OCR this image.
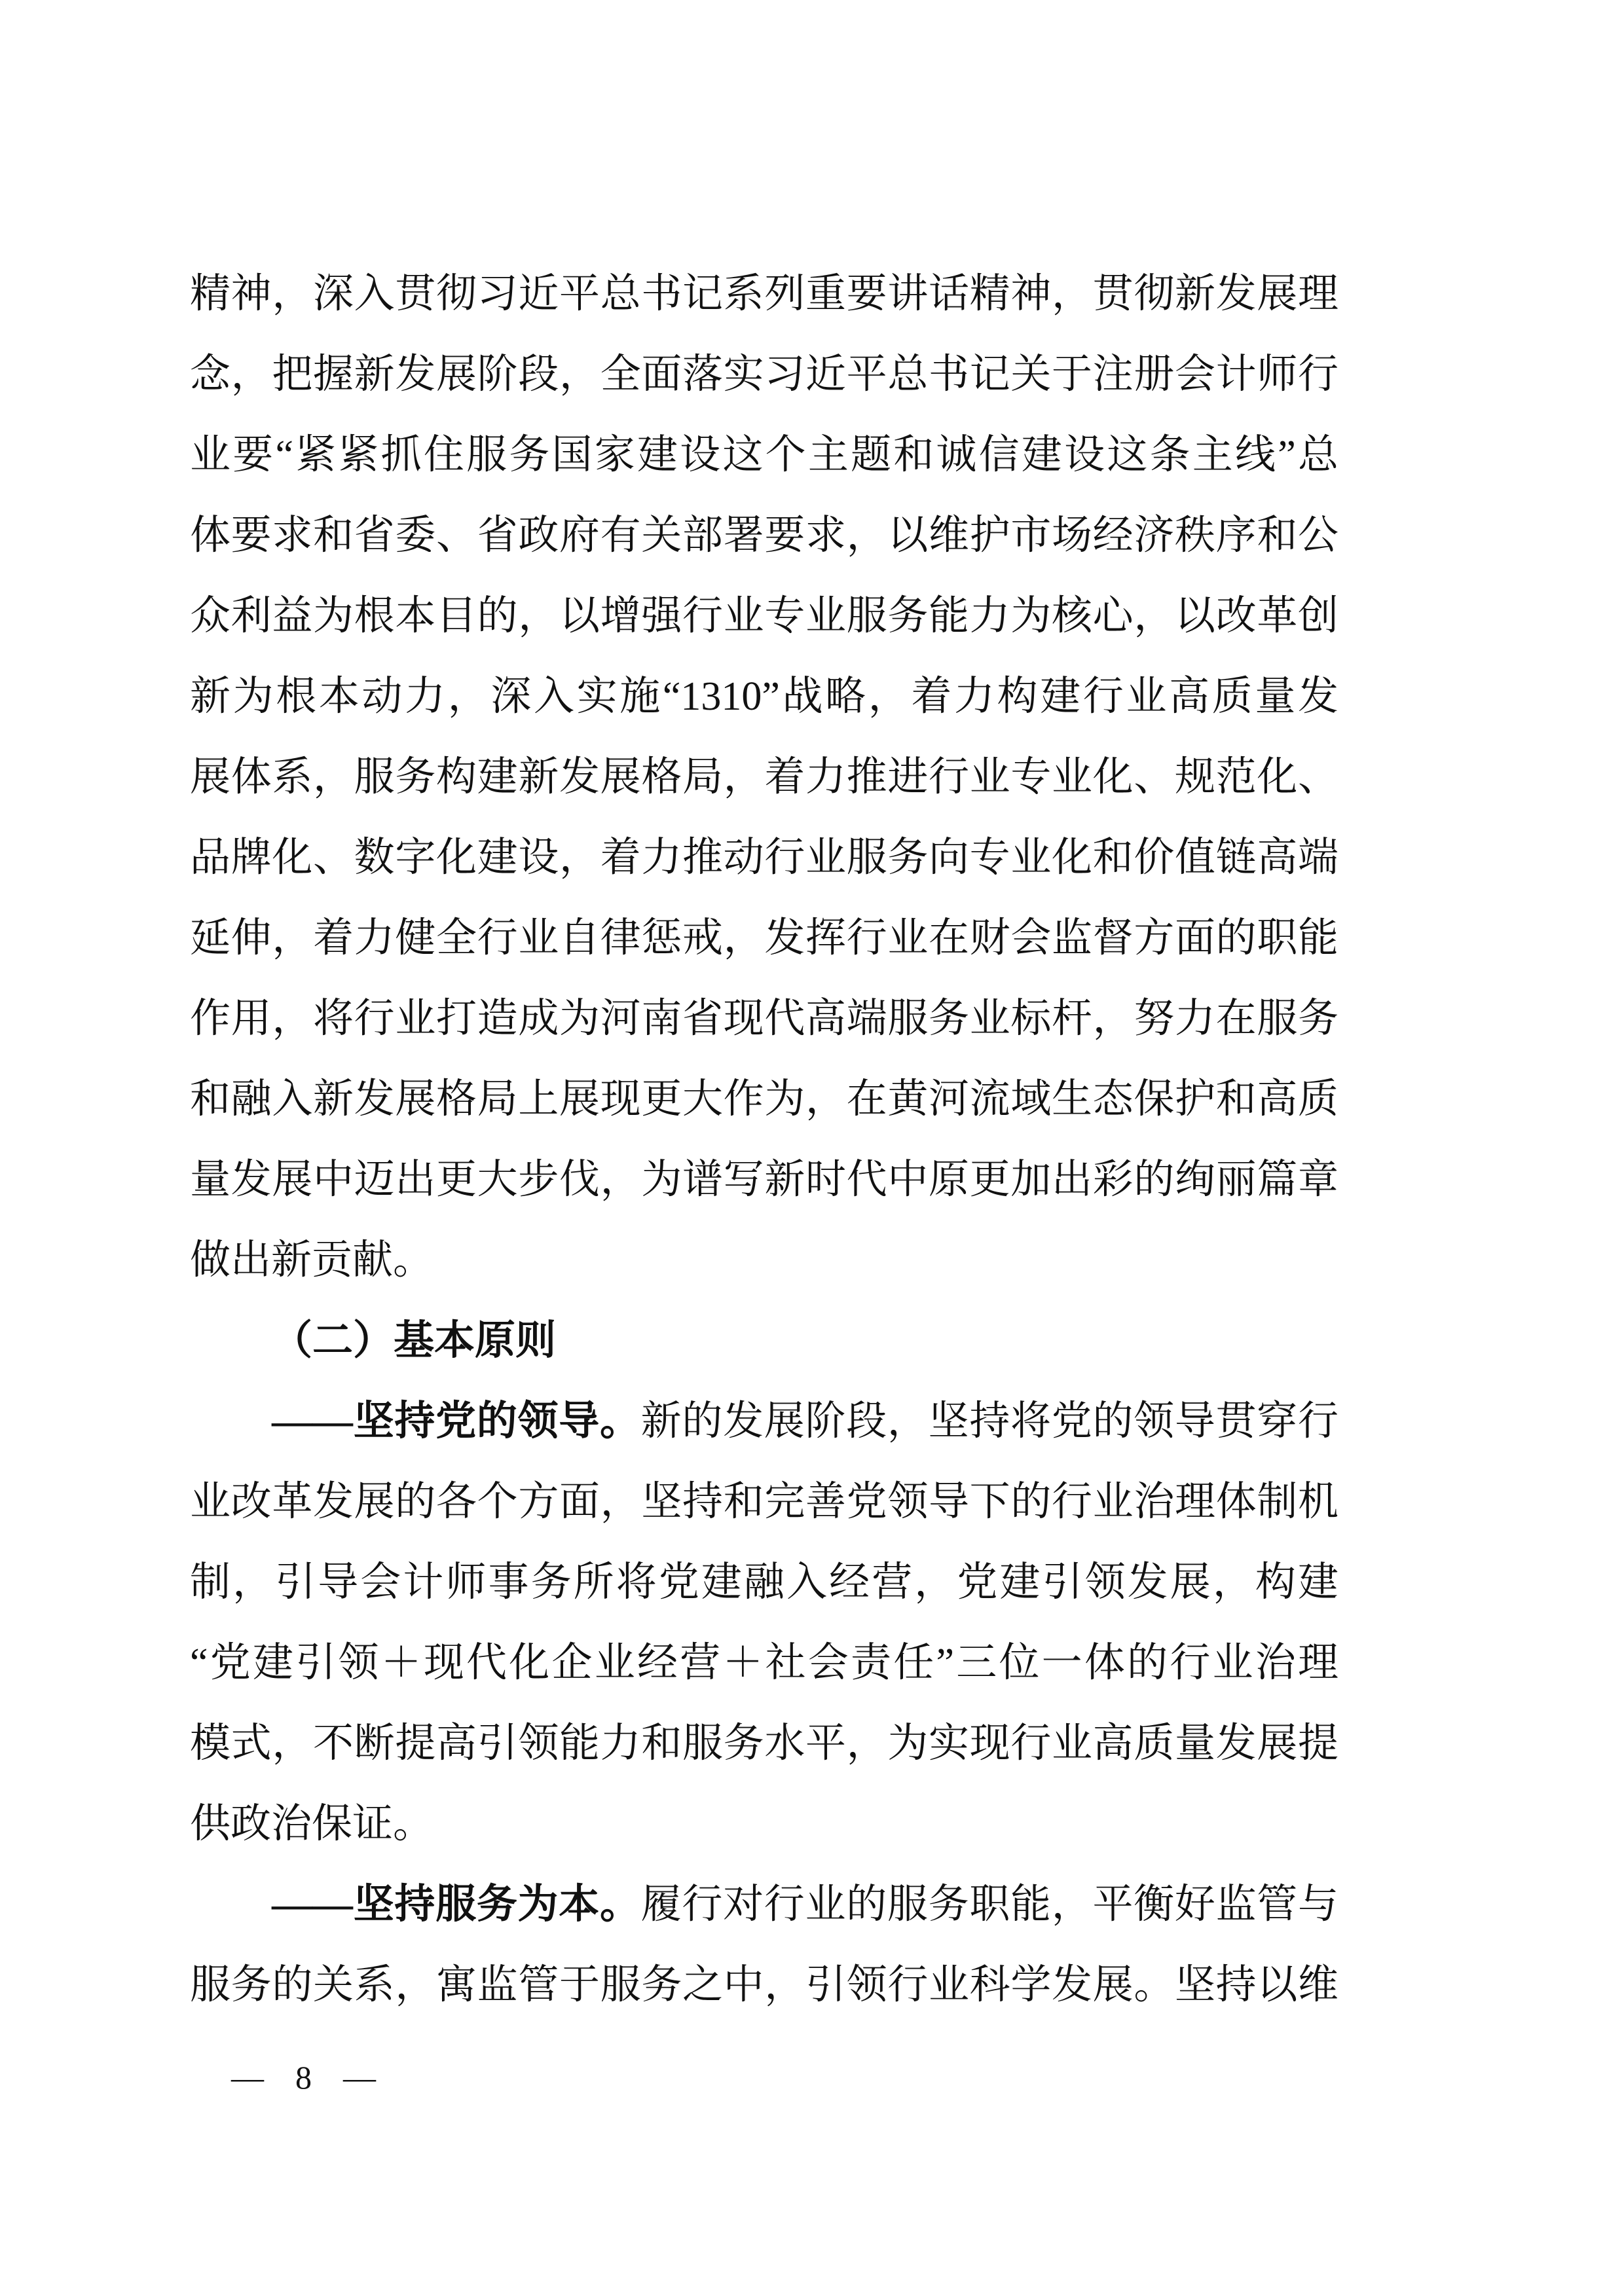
精神，深入贯彻习近平总书记系列重要讲话精神，贯彻新发展理
念，把握新发展阶段，全面落实习近平总书记关于注册会计师行
业要“紧紧抓住服务国家建设这个主题和诚信建设这条主线”总
体要求和省委、省政府有关部署要求，以维护市场经济秩序和公
众利益为根本目的，以增强行业专业服务能力为核心，以改革创
新为根本动力，深入实施“1310”战略，着力构建行业高质量发
展体系，服务构建新发展格局，着力推进行业专业化、规范化、
品牌化、数字化建设，着力推动行业服务向专业化和价值链高端
延伸，着力健全行业自律惩戒，发挥行业在财会监督方面的职能
作用，将行业打造成为河南省现代高端服务业标杆，努力在服务
和融入新发展格局上展现更大作为，在黄河流域生态保护和高质
量发展中迈出更大步伐，为谱写新时代中原更加出彩的绚丽篇章
做出新贡献。
（二）基本原则
——坚持党的领导。新的发展阶段，坚持将党的领导贯穿行
业改革发展的各个方面，坚持和完善党领导下的行业治理体制机
制，引导会计师事务所将党建融入经营，党建引领发展，构建
“党建引领＋现代化企业经营＋社会责任”三位一体的行业治理
模式，不断提高引领能力和服务水平，为实现行业高质量发展提
供政治保证。
——坚持服务为本。履行对行业的服务职能，平衡好监管与
服务的关系，寓监管于服务之中，引领行业科学发展。坚持以维
— 8 —
